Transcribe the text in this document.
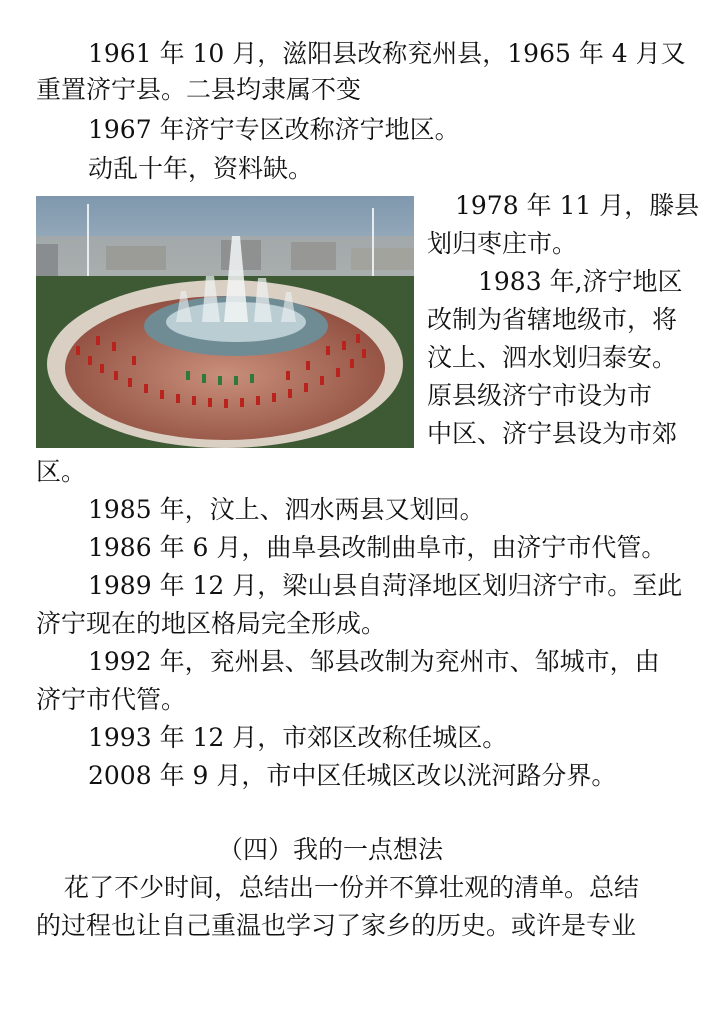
1961 年 10 月，滋阳县改称兖州县，1965 年 4 月又
重置济宁县。二县均隶属不变
1967 年济宁专区改称济宁地区。
动乱十年，资料缺。
1978 年 11 月，滕县
划归枣庄市。
1983 年,济宁地区
改制为省辖地级市，将
汶上、泗水划归泰安。
原县级济宁市设为市
中区、济宁县设为市郊
区。
1985 年，汶上、泗水两县又划回。
1986 年 6 月，曲阜县改制曲阜市，由济宁市代管。
1989 年 12 月，梁山县自菏泽地区划归济宁市。至此
济宁现在的地区格局完全形成。
1992 年，兖州县、邹县改制为兖州市、邹城市，由
济宁市代管。
1993 年 12 月，市郊区改称任城区。
2008 年 9 月，市中区任城区改以洸河路分界。
（四）我的一点想法
花了不少时间，总结出一份并不算壮观的清单。总结
的过程也让自己重温也学习了家乡的历史。或许是专业
